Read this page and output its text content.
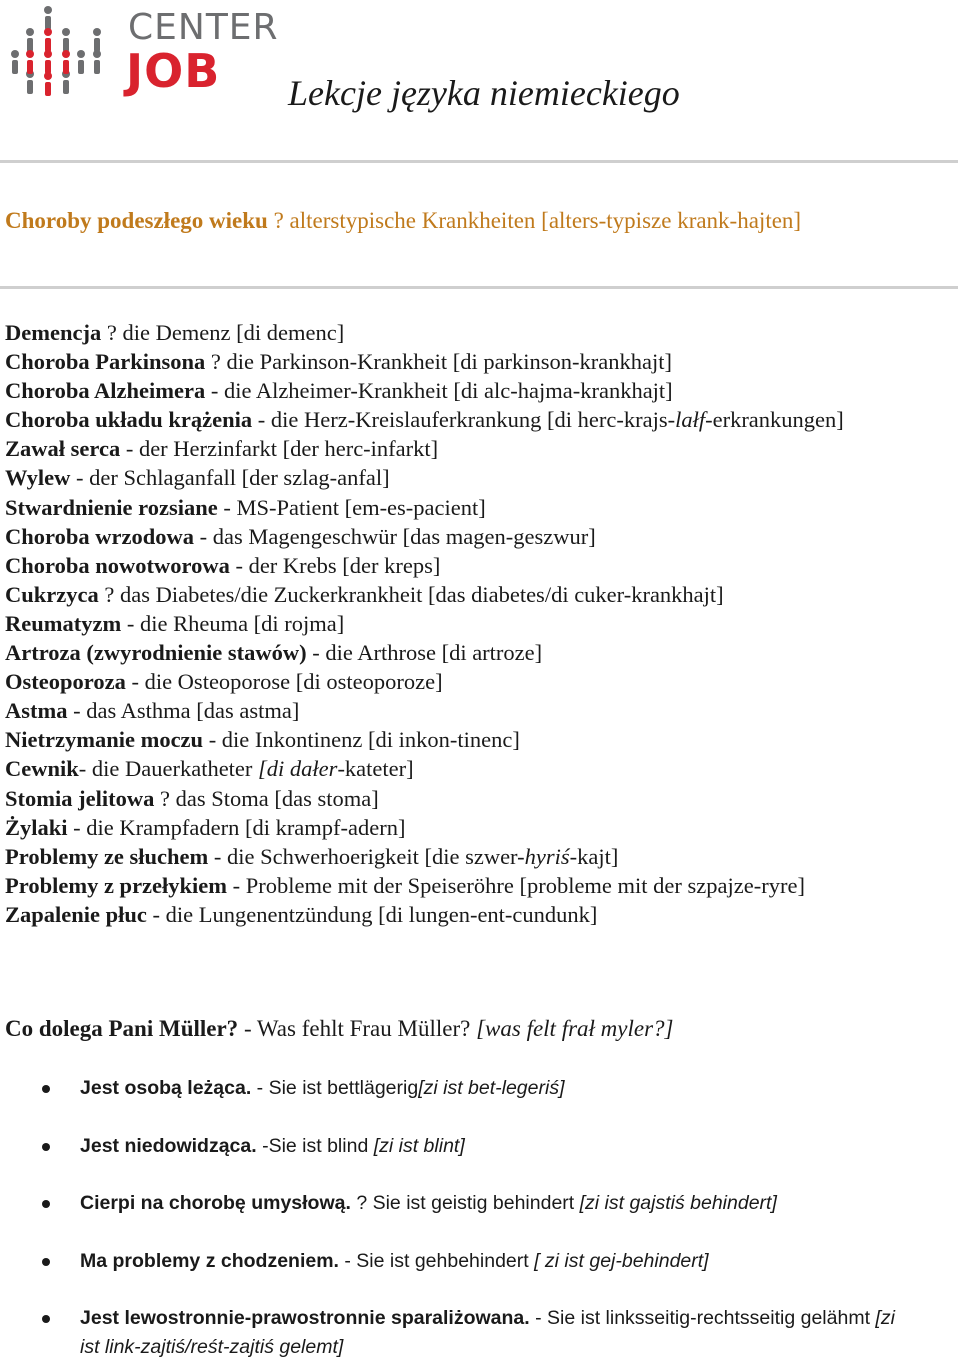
CENTER
JOB Lekcje języka niemieckiego
Choroby podeszłego wieku ? alterstypische Krankheiten [alters-typisze krank-hajten]
Demencja ? die Demenz [di demenc]
Choroba Parkinsona ? die Parkinson-Krankheit [di parkinson-krankhajt]
Choroba Alzheimera - die Alzheimer-Krankheit [di alc-hajma-krankhajt]
Choroba układu krążenia - die Herz-Kreislauferkrankung [di herc-krajs-lałf-erkrankungen]
Zawał serca - der Herzinfarkt [der herc-infarkt]
Wylew - der Schlaganfall [der szlag-anfal]
Stwardnienie rozsiane - MS-Patient [em-es-pacient]
Choroba wrzodowa - das Magengeschwür [das magen-geszwur]
Choroba nowotworowa - der Krebs [der kreps]
Cukrzyca ? das Diabetes/die Zuckerkrankheit [das diabetes/di cuker-krankhajt]
Reumatyzm - die Rheuma [di rojma]
Artroza (zwyrodnienie stawów) - die Arthrose [di artroze]
Osteoporoza - die Osteoporose [di osteoporoze]
Astma - das Asthma [das astma]
Nietrzymanie moczu - die Inkontinenz [di inkon-tinenc]
Cewnik- die Dauerkatheter [di dałer-kateter]
Stomia jelitowa ? das Stoma [das stoma]
Żylaki - die Krampfadern [di krampf-adern]
Problemy ze słuchem - die Schwerhoerigkeit [die szwer-hyriś-kajt]
Problemy z przełykiem - Probleme mit der Speiseröhre [probleme mit der szpajze-ryre]
Zapalenie płuc - die Lungenentzündung [di lungen-ent-cundunk]
Co dolega Pani Müller? - Was fehlt Frau Müller? [was felt frał myler?]
Jest osobą leżąca. - Sie ist bettlägerig[zi ist bet-legeriś]
Jest niedowidząca. -Sie ist blind [zi ist blint]
Cierpi na chorobę umysłową. ? Sie ist geistig behindert [zi ist gajstiś behindert]
Ma problemy z chodzeniem. - Sie ist gehbehindert [ zi ist gej-behindert]
Jest lewostronnie-prawostronnie sparaliżowana. - Sie ist linksseitig-rechtsseitig gelähmt [zi
ist link-zajtiś/reśt-zajtiś gelemt]
